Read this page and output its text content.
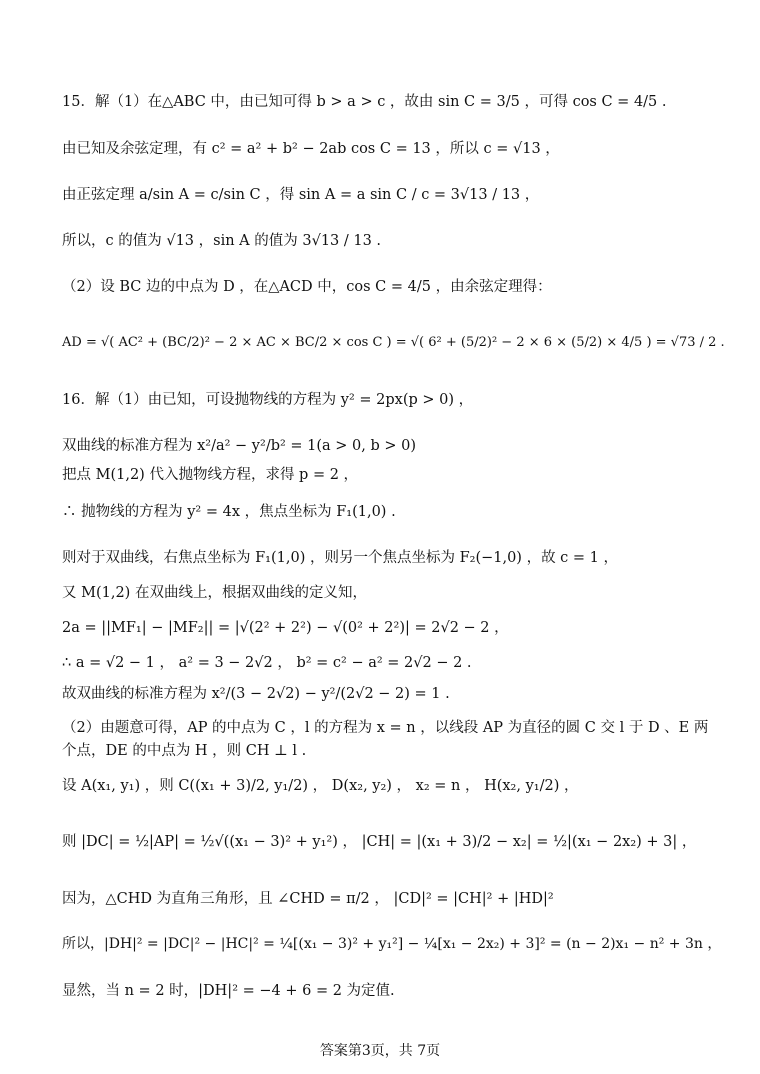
15．解（1）在△ABC 中，由已知可得 b > a > c ，故由 sin C = 3/5 ，可得 cos C = 4/5 .
由已知及余弦定理，有 c² = a² + b² − 2ab cos C = 13 ，所以 c = √13 ，
由正弦定理 a/sin A = c/sin C ，得 sin A = a sin C / c = 3√13 / 13 ，
所以，c 的值为 √13 ，sin A 的值为 3√13 / 13 .
（2）设 BC 边的中点为 D ，在△ACD 中，cos C = 4/5 ，由余弦定理得：
AD = √( AC² + (BC/2)² − 2 × AC × BC/2 × cos C ) = √( 6² + (5/2)² − 2 × 6 × (5/2) × 4/5 ) = √73 / 2 .
16．解（1）由已知，可设抛物线的方程为 y² = 2px(p > 0) ，
双曲线的标准方程为 x²/a² − y²/b² = 1(a > 0, b > 0)
把点 M(1,2) 代入抛物线方程，求得 p = 2 ，
∴ 抛物线的方程为 y² = 4x ，焦点坐标为 F₁(1,0) .
则对于双曲线，右焦点坐标为 F₁(1,0) ，则另一个焦点坐标为 F₂(−1,0) ，故 c = 1 ，
又 M(1,2) 在双曲线上，根据双曲线的定义知，
2a = ||MF₁| − |MF₂|| = |√(2² + 2²) − √(0² + 2²)| = 2√2 − 2 ，
∴ a = √2 − 1 ， a² = 3 − 2√2 ， b² = c² − a² = 2√2 − 2 .
故双曲线的标准方程为 x²/(3 − 2√2) − y²/(2√2 − 2) = 1 .
（2）由题意可得，AP 的中点为 C ，l 的方程为 x = n ，以线段 AP 为直径的圆 C 交 l 于 D 、E 两
个点，DE 的中点为 H ，则 CH ⊥ l .
设 A(x₁, y₁) ，则 C((x₁ + 3)/2, y₁/2) ， D(x₂, y₂) ， x₂ = n ， H(x₂, y₁/2) ，
则 |DC| = ½|AP| = ½√((x₁ − 3)² + y₁²) ， |CH| = |(x₁ + 3)/2 − x₂| = ½|(x₁ − 2x₂) + 3| ，
因为，△CHD 为直角三角形，且 ∠CHD = π/2 ， |CD|² = |CH|² + |HD|²
所以，|DH|² = |DC|² − |HC|² = ¼[(x₁ − 3)² + y₁²] − ¼[x₁ − 2x₂) + 3]² = (n − 2)x₁ − n² + 3n ，
显然，当 n = 2 时，|DH|² = −4 + 6 = 2 为定值.
答案第3页，共 7页
